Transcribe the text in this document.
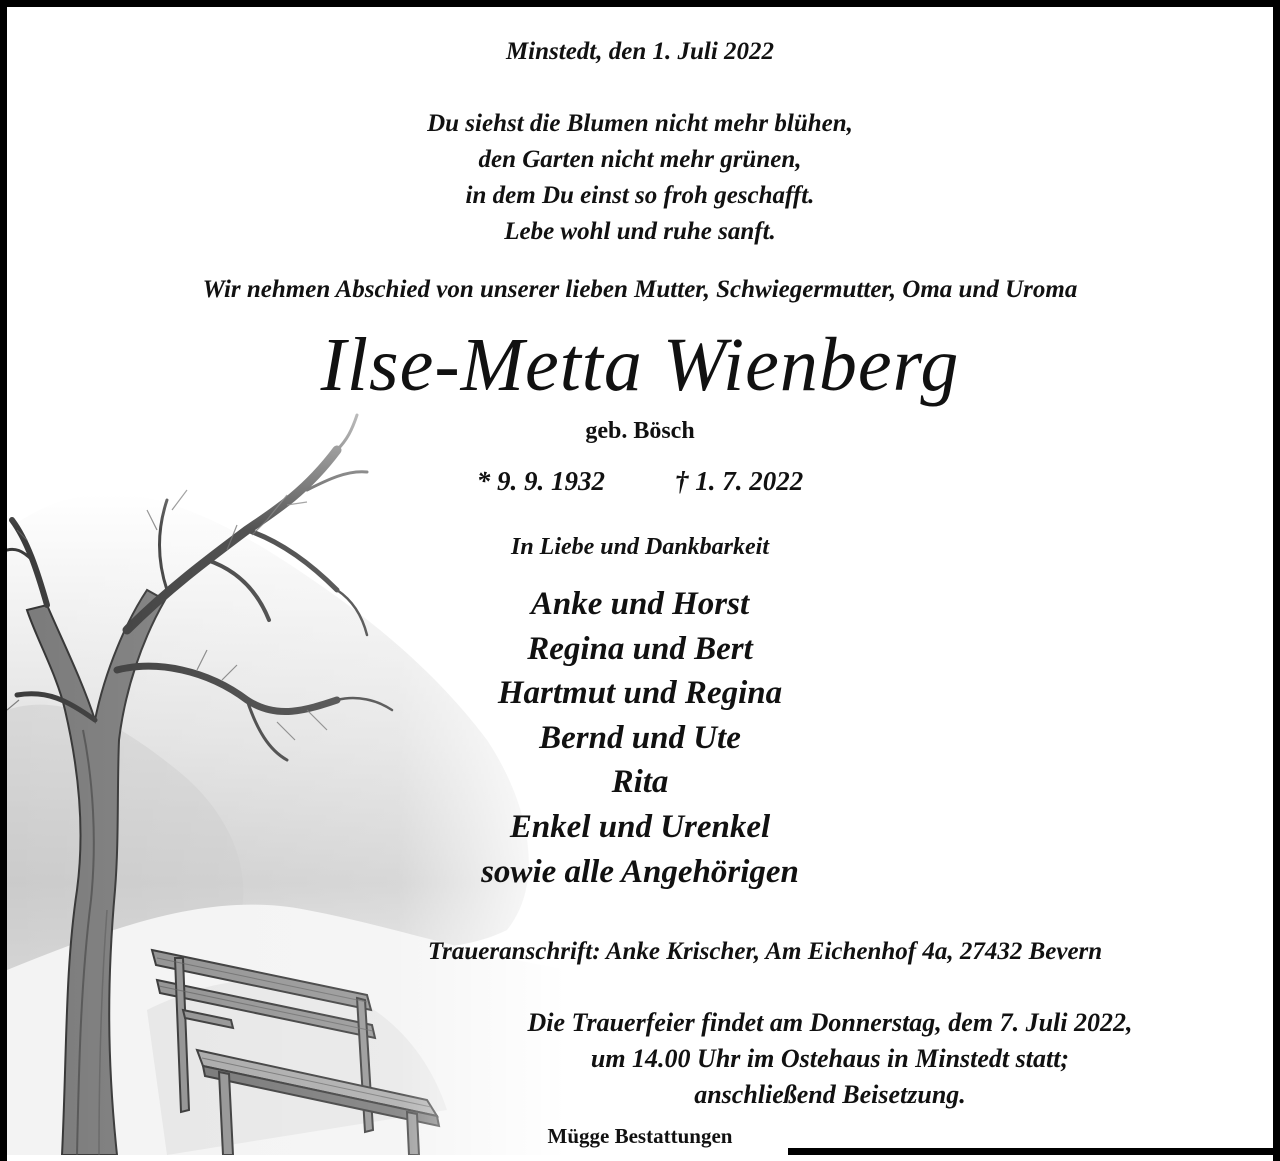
Minstedt, den 1. Juli 2022
Du siehst die Blumen nicht mehr blühen,
den Garten nicht mehr grünen,
in dem Du einst so froh geschafft.
Lebe wohl und ruhe sanft.
Wir nehmen Abschied von unserer lieben Mutter, Schwiegermutter, Oma und Uroma
Ilse-Metta Wienberg
geb. Bösch
* 9. 9. 1932	† 1. 7. 2022
In Liebe und Dankbarkeit
Anke und Horst
Regina und Bert
Hartmut und Regina
Bernd und Ute
Rita
Enkel und Urenkel
sowie alle Angehörigen
Traueranschrift: Anke Krischer, Am Eichenhof 4a, 27432 Bevern
Die Trauerfeier findet am Donnerstag, dem 7. Juli 2022,
um 14.00 Uhr im Ostehaus in Minstedt statt;
anschließend Beisetzung.
Mügge Bestattungen
